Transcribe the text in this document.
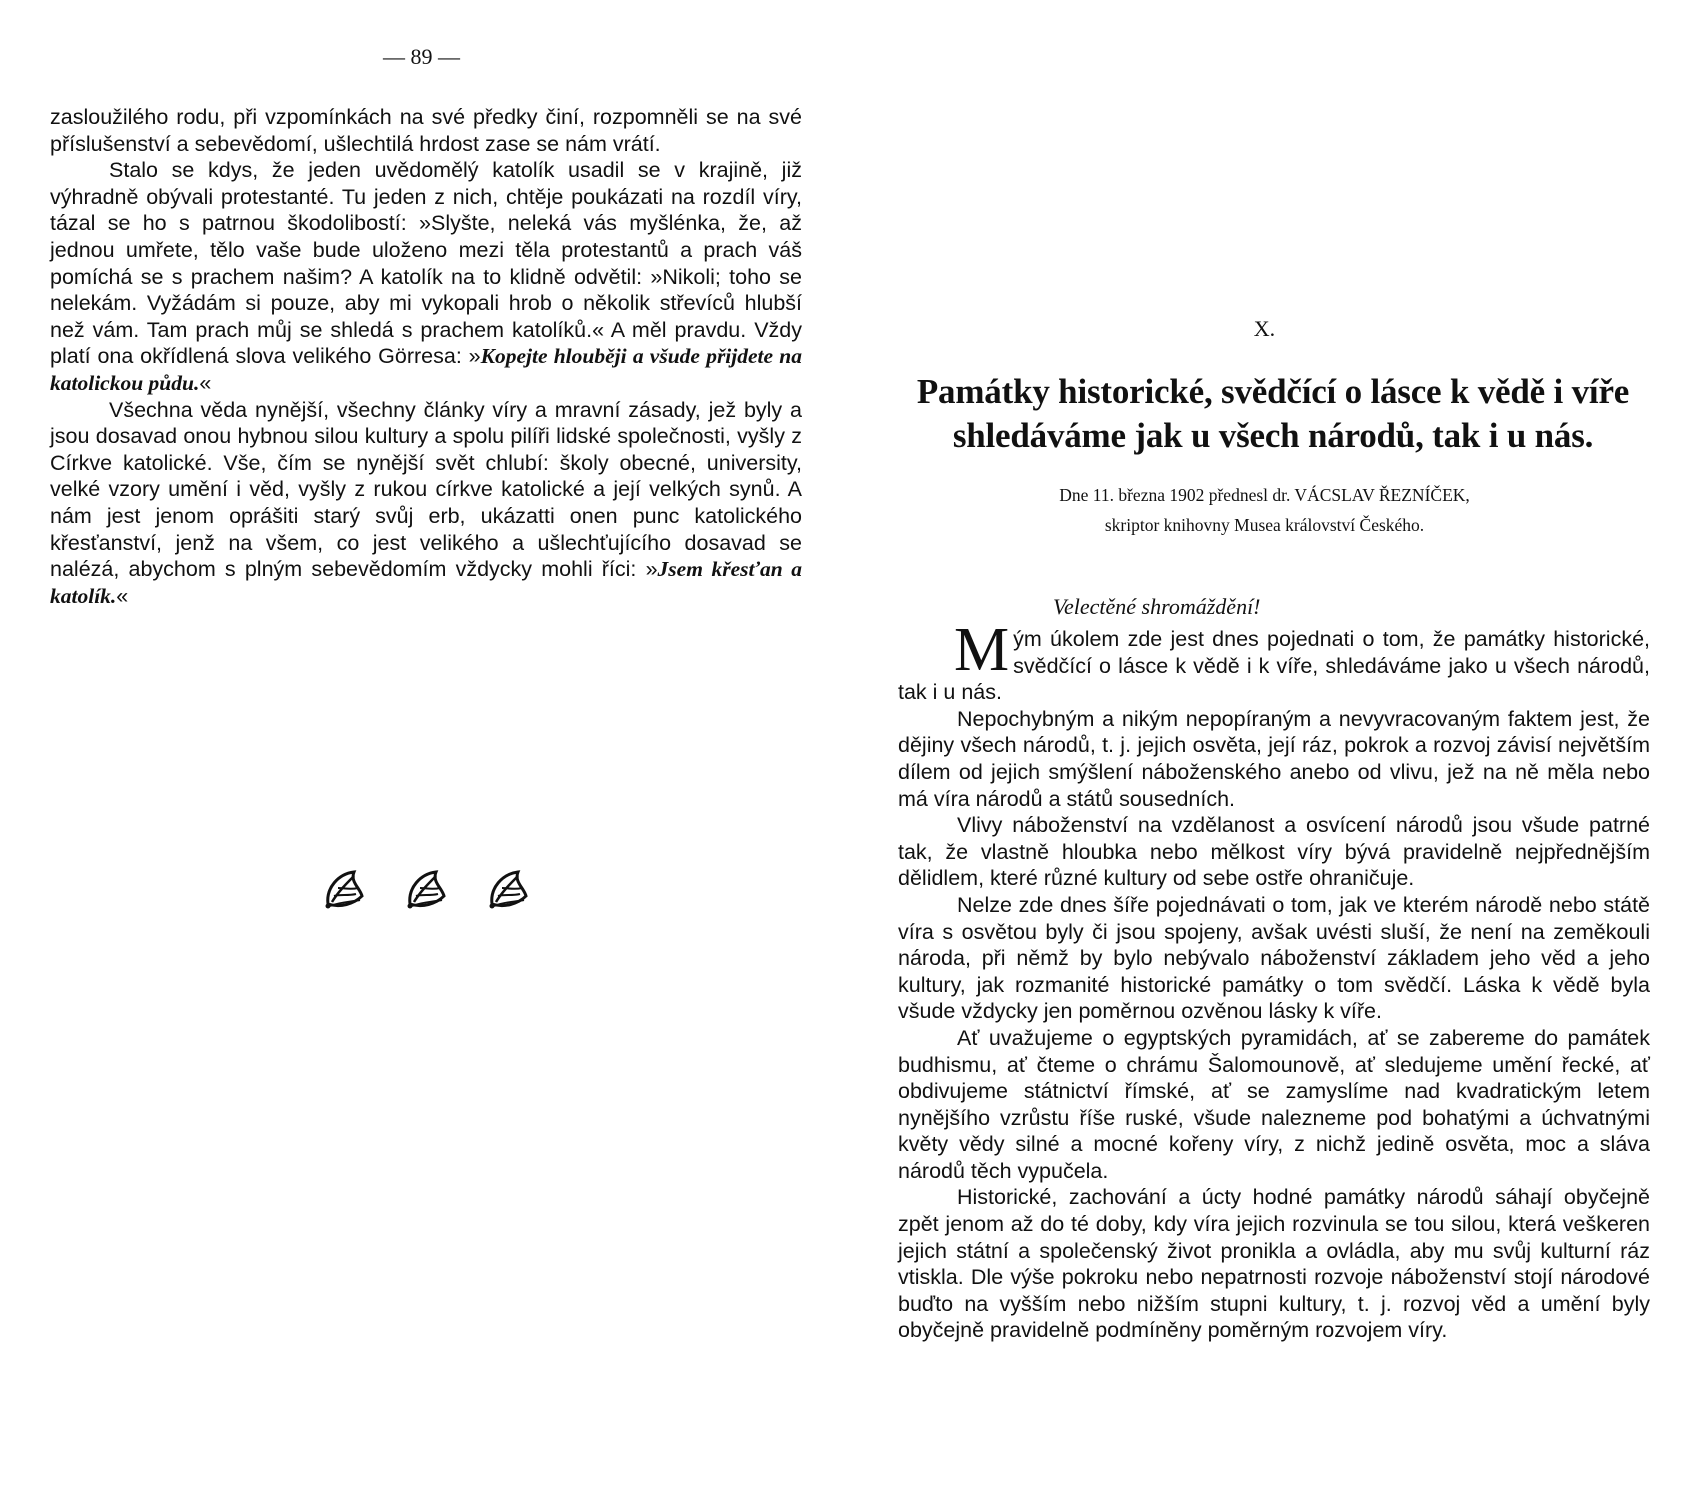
— 89 —

zasloužilého rodu, při vzpomínkách na své předky činí, rozpomněli se na své příslušenství a sebevědomí, ušlechtilá hrdost zase se nám vrátí.

Stalo se kdys, že jeden uvědomělý katolík usadil se v krajině, již výhradně obývali protestanté. Tu jeden z nich, chtěje poukázati na rozdíl víry, tázal se ho s patrnou škodolibostí: »Slyšte, neleká vás myšlénka, že, až jednou umřete, tělo vaše bude uloženo mezi těla protestantů a prach váš pomíchá se s prachem našim? A katolík na to klidně odvětil: »Nikoli; toho se nelekám. Vyžádám si pouze, aby mi vykopali hrob o několik střevíců hlubší než vám. Tam prach můj se shledá s prachem katolíků.« A měl pravdu. Vždy platí ona okřídlená slova velikého Görresa: »Kopejte hlouběji a všude přijdete na katolickou půdu.«

Všechna věda nynější, všechny články víry a mravní zásady, jež byly a jsou dosavad onou hybnou silou kultury a spolu pilíři lidské společnosti, vyšly z Církve katolické. Vše, čím se nynější svět chlubí: školy obecné, university, velké vzory umění i věd, vyšly z rukou církve katolické a její velkých synů. A nám jest jenom oprášiti starý svůj erb, ukázatti onen punc katolického křesťanství, jenž na všem, co jest velikého a ušlechťujícího dosavad se nalézá, abychom s plným sebevědomím vždycky mohli říci: »Jsem křesťan a katolík.«

X.
Památky historické, svědčící o lásce k vědě i víře
shledáváme jak u všech národů, tak i u nás.
Dne 11. března 1902 přednesl dr. VÁCSLAV ŘEZNÍČEK,
skriptor knihovny Musea království Českého.
Velectěné shromáždění!

Mým úkolem zde jest dnes pojednati o tom, že památky historické, svědčící o lásce k vědě i k víře, shledáváme jako u všech národů, tak i u nás.

Nepochybným a nikým nepopíraným a nevyvracovaným faktem jest, že dějiny všech národů, t. j. jejich osvěta, její ráz, pokrok a rozvoj závisí největším dílem od jejich smýšlení náboženského anebo od vlivu, jež na ně měla nebo má víra národů a států sousedních.

Vlivy náboženství na vzdělanost a osvícení národů jsou všude patrné tak, že vlastně hloubka nebo mělkost víry bývá pravidelně nejpřednějším dělidlem, které různé kultury od sebe ostře ohraničuje.

Nelze zde dnes šíře pojednávati o tom, jak ve kterém národě nebo státě víra s osvětou byly či jsou spojeny, avšak uvésti sluší, že není na zeměkouli národa, při němž by bylo nebývalo náboženství základem jeho věd a jeho kultury, jak rozmanité historické památky o tom svědčí. Láska k vědě byla všude vždycky jen poměrnou ozvěnou lásky k víře.

Ať uvažujeme o egyptských pyramidách, ať se zabereme do památek budhismu, ať čteme o chrámu Šalomounově, ať sledujeme umění řecké, ať obdivujeme státnictví římské, ať se zamyslíme nad kvadratickým letem nynějšího vzrůstu říše ruské, všude nalezneme pod bohatými a úchvatnými květy vědy silné a mocné kořeny víry, z nichž jedině osvěta, moc a sláva národů těch vypučela.

Historické, zachování a úcty hodné památky národů sáhají obyčejně zpět jenom až do té doby, kdy víra jejich rozvinula se tou silou, která veškeren jejich státní a společenský život pronikla a ovládla, aby mu svůj kulturní ráz vtiskla. Dle výše pokroku nebo nepatrnosti rozvoje náboženství stojí národové buďto na vyšším nebo nižším stupni kultury, t. j. rozvoj věd a umění byly obyčejně pravidelně podmíněny poměrným rozvojem víry.
